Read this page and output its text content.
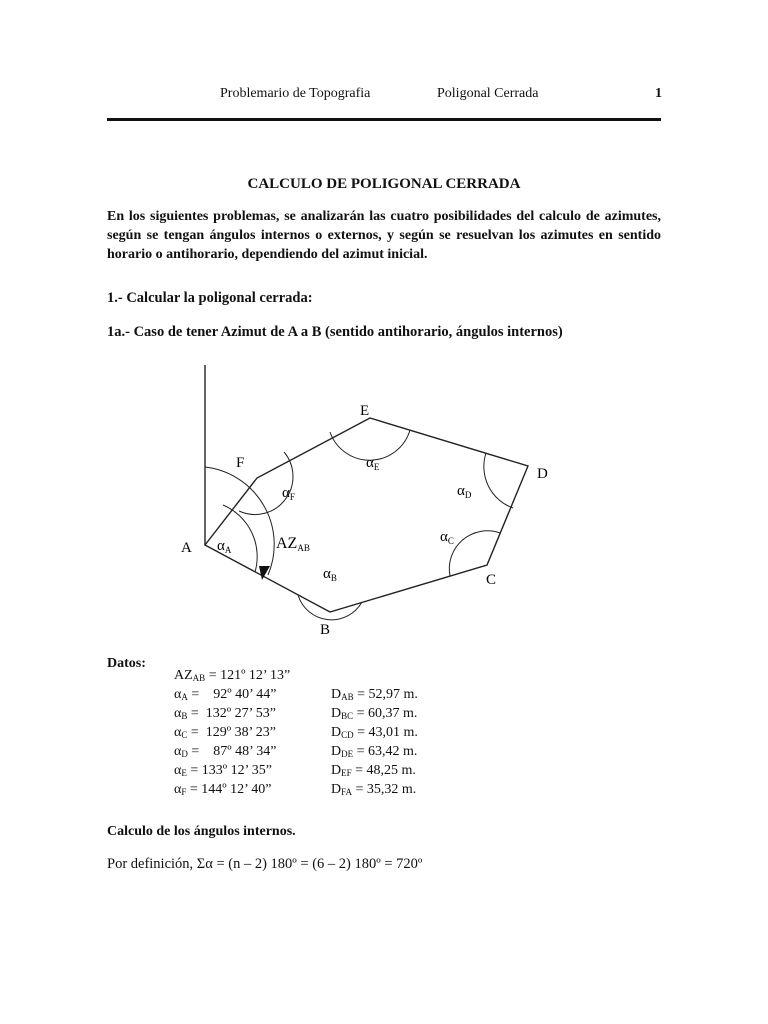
Problemario de Topografia	Poligonal Cerrada	1
CALCULO DE POLIGONAL CERRADA
En los siguientes problemas, se analizarán las cuatro posibilidades del calculo de azimutes, según se tengan ángulos internos o externos, y según se resuelvan los azimutes en sentido horario o antihorario, dependiendo del azimut inicial.
1.- Calcular la poligonal cerrada:
1a.- Caso de tener Azimut de A a B (sentido antihorario, ángulos internos)
A
B
C
D
E
F
$\alpha_A$
$\alpha_B$
$\alpha_C$
$\alpha_D$
$\alpha_E$
$\alpha_F$
AZAB
Datos:
$AZ_{AB}$ = 121º 12’ 13”
$\alpha_A$ =    92º 40’ 44”
$\alpha_B$ =  132º 27’ 53”
$\alpha_C$ =  129º 38’ 23”
$\alpha_D$ =    87º 48’ 34”
$\alpha_E$ = 133º 12’ 35”
$\alpha_F$ = 144º 12’ 40”
$D_{AB} = 52,97$ m.
$D_{BC} = 60,37$ m.
$D_{CD} = 43,01$ m.
$D_{DE} = 63,42$ m.
$D_{EF} = 48,25$ m.
$D_{FA} = 35,32$ m.
Calculo de los ángulos internos.
Por definición, Σα = (n – 2) 180º = (6 – 2) 180º = 720º
